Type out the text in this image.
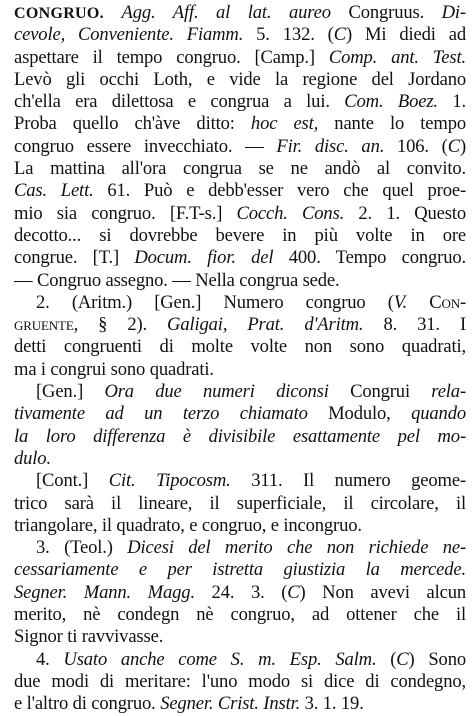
CONGRUO. Agg. Aff. al lat. aureo Congruus. Di-
cevole, Conveniente. Fiamm. 5. 132. (C) Mi diedi ad
aspettare il tempo congruo. [Camp.] Comp. ant. Test.
Levò gli occhi Loth, e vide la regione del Jordano
ch'ella era dilettosa e congrua a lui. Com. Boez. 1.
Proba quello ch'àve ditto: hoc est, nante lo tempo
congruo essere invecchiato. — Fir. disc. an. 106. (C)
La mattina all'ora congrua se ne andò al convito.
Cas. Lett. 61. Può e debb'esser vero che quel proe-
mio sia congruo. [F.T-s.] Cocch. Cons. 2. 1. Questo
decotto... si dovrebbe bevere in più volte in ore
congrue. [T.] Docum. fior. del 400. Tempo congruo.
— Congruo assegno. — Nella congrua sede.
2. (Aritm.) [Gen.] Numero congruo (V. Con-
gruente, § 2). Galigai, Prat. d'Aritm. 8. 31. I
detti congruenti di molte volte non sono quadrati,
ma i congrui sono quadrati.
[Gen.] Ora due numeri diconsi Congrui rela-
tivamente ad un terzo chiamato Modulo, quando
la loro differenza è divisibile esattamente pel mo-
dulo.
[Cont.] Cit. Tipocosm. 311. Il numero geome-
trico sarà il lineare, il superficiale, il circolare, il
triangolare, il quadrato, e congruo, e incongruo.
3. (Teol.) Dicesi del merito che non richiede ne-
cessariamente e per istretta giustizia la mercede.
Segner. Mann. Magg. 24. 3. (C) Non avevi alcun
merito, nè condegn nè congruo, ad ottener che il
Signor ti ravvivasse.
4. Usato anche come S. m. Esp. Salm. (C) Sono
due modi di meritare: l'uno modo si dice di condegno,
e l'altro di congruo. Segner. Crist. Instr. 3. 1. 19.
